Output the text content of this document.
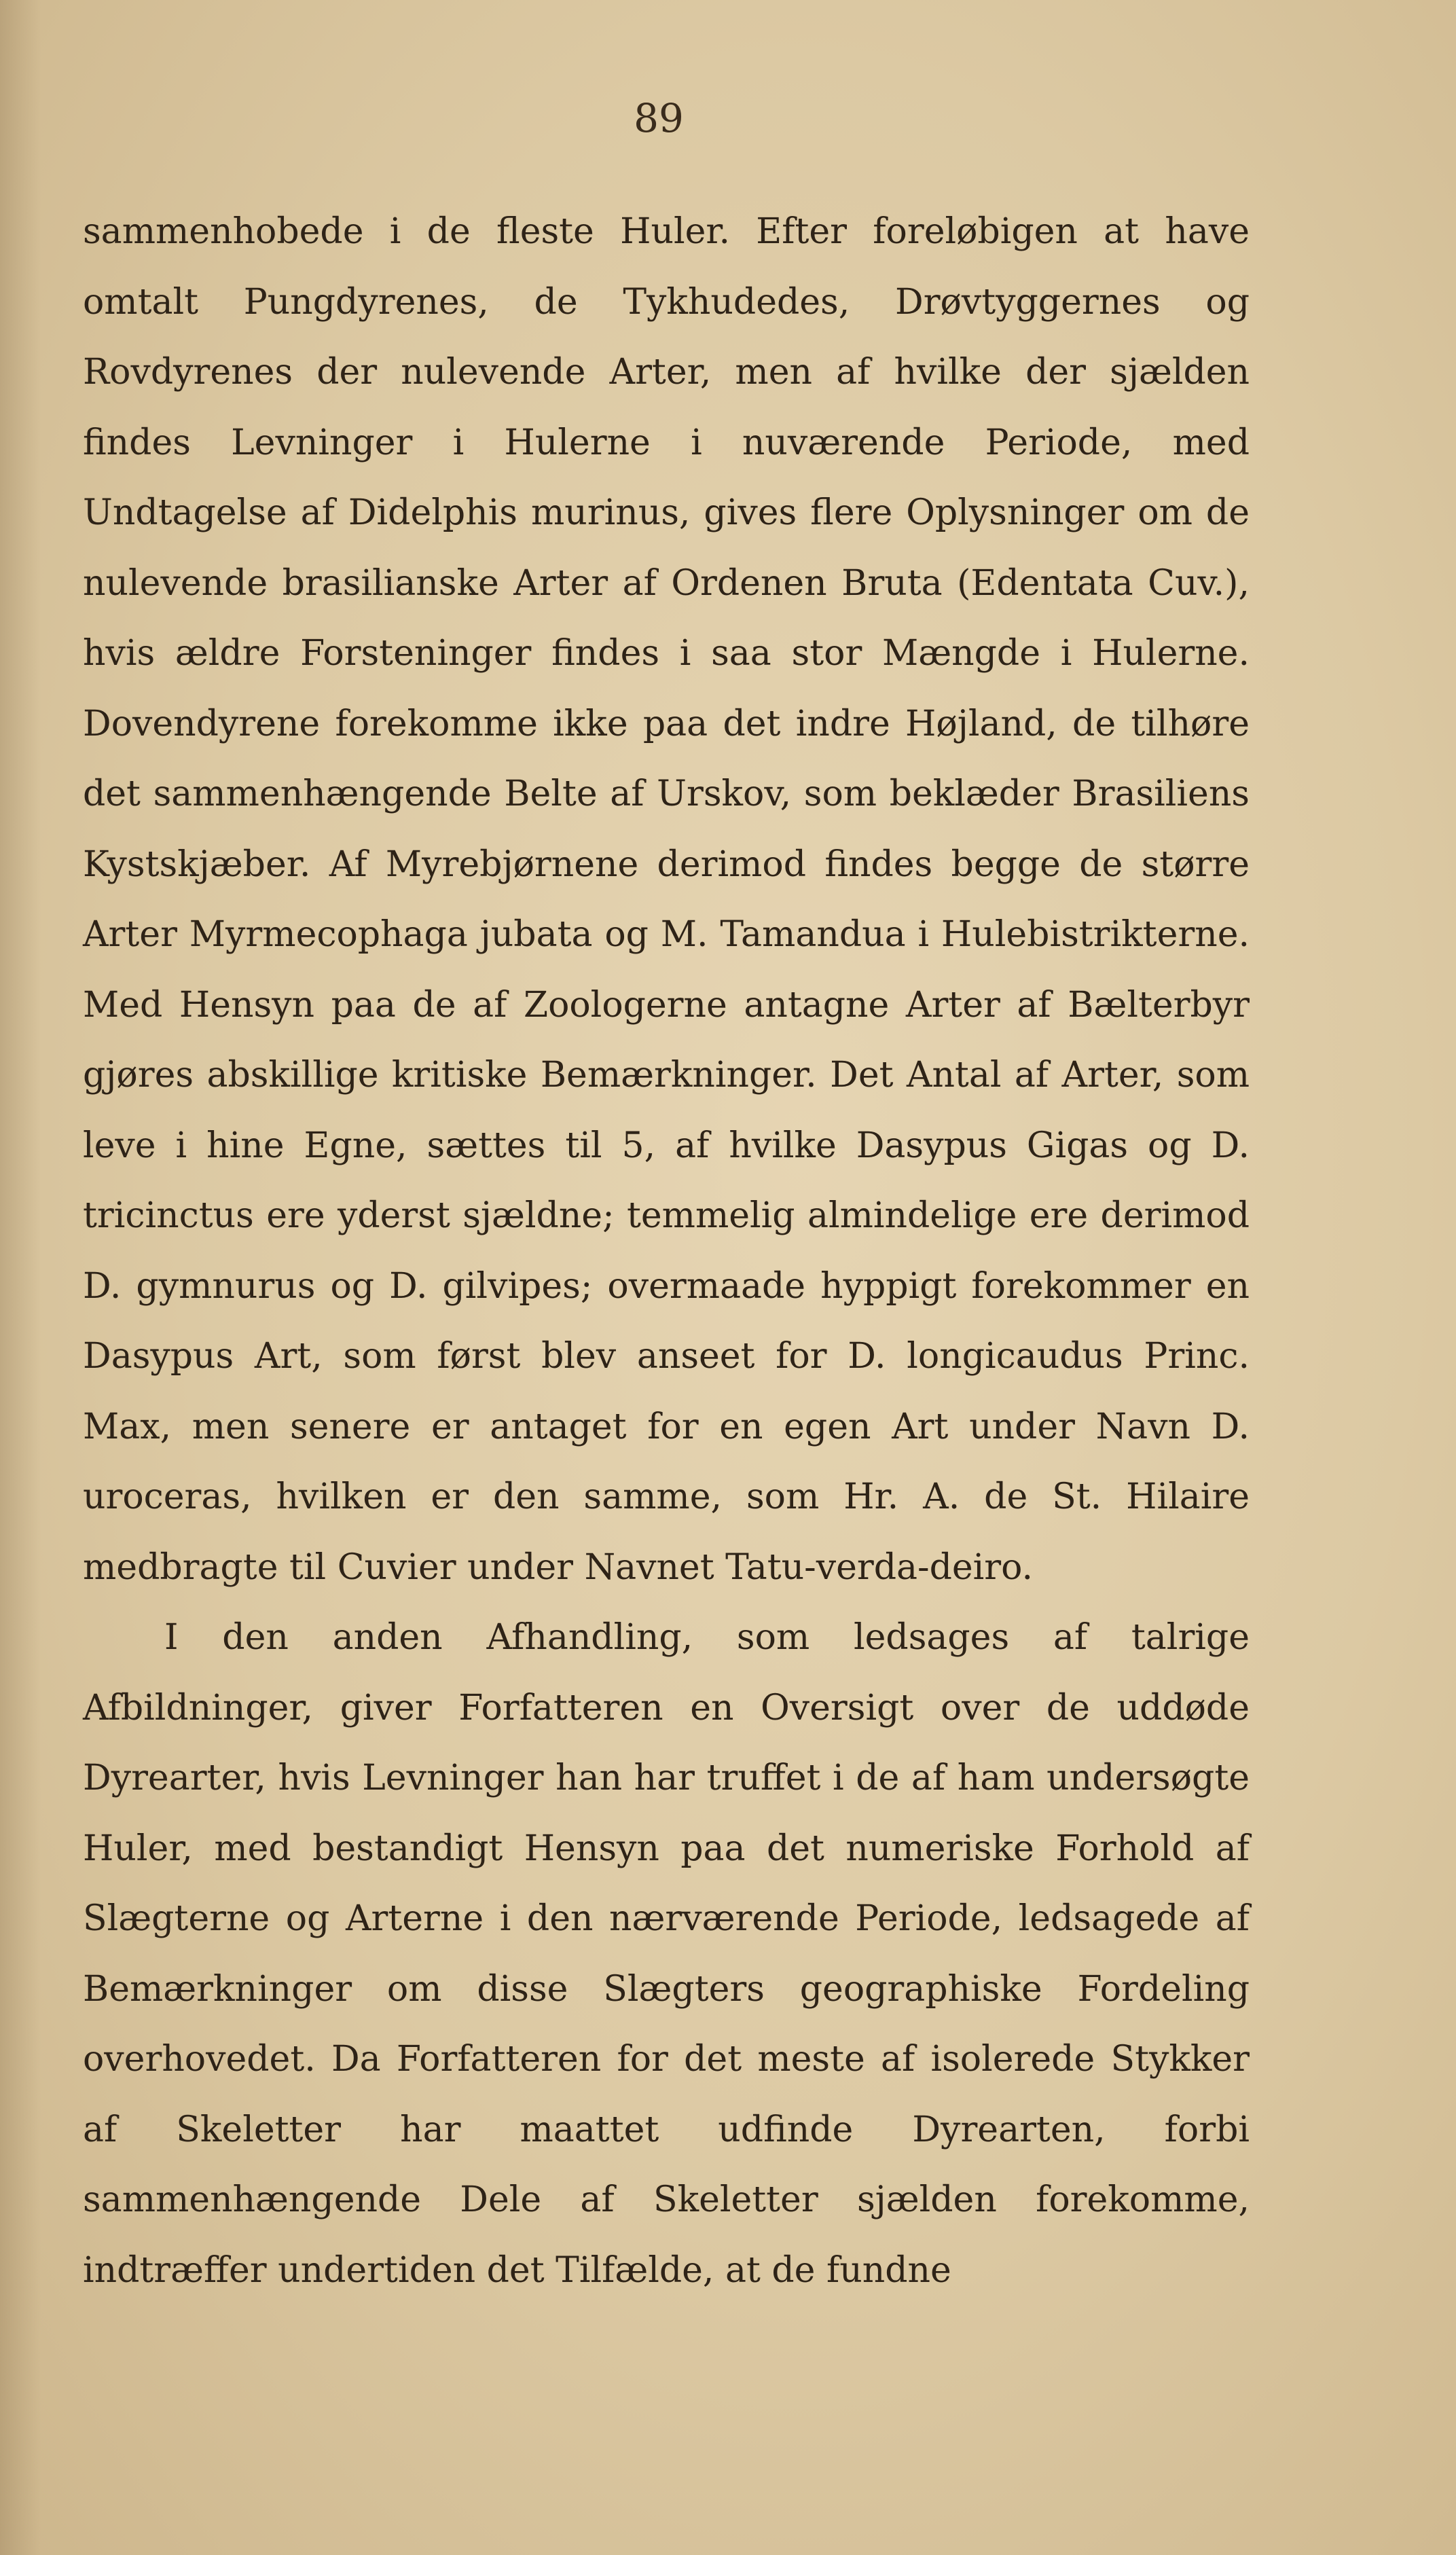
89

sammenhobede i de fleste Huler. Efter foreløbigen at have omtalt Pungdyrenes, de Tykhudedes, Drøvtyggernes og Rovdyrenes der nulevende Arter, men af hvilke der sjælden findes Levninger i Hulerne i nuværende Periode, med Undtagelse af Didelphis murinus, gives flere Oplysninger om de nulevende brasilianske Arter af Ordenen Bruta (Edentata Cuv.), hvis ældre Forsteninger findes i saa stor Mængde i Hulerne. Dovendyrene forekomme ikke paa det indre Højland, de tilhøre det sammenhængende Belte af Urskov, som bekl​æder Brasiliens Kystskjæber. Af Myrebjørnene derimod findes begge de større Arter Myrmecophaga jubata og M. Tamandua i Hulebistrikterne. Med Hensyn paa de af Zoologerne antagne Arter af Bælterbyr gjøres abskillige kritiske Bemærkninger. Det Antal af Arter, som leve i hine Egne, sættes til 5, af hvilke Dasypus Gigas og D. tricinctus ere yderst sjældne; temmelig almindelige ere derimod D. gymnurus og D. gilvipes; overmaade hyppigt forekommer en Dasypus Art, som først blev anseet for D. longicaudus Princ. Max, men senere er antaget for en egen Art under Navn D. uroceras, hvilken er den samme, som Hr. A. de St. Hilaire medbragte til Cuvier under Navnet Tatu-verda-deiro.

I den anden Afhandling, som ledsages af talrige Afbildninger, giver Forfatteren en Oversigt over de uddøde Dyrearter, hvis Levninger han har truffet i de af ham undersøgte Huler, med bestandigt Hensyn paa det numeriske Forhold af Slægterne og Arterne i den nærværende Periode, ledsagede af Bemærkninger om disse Slægters geographiske Fordeling overhovedet. Da Forfatteren for det meste af isolerede Stykker af Skeletter har maattet udfinde Dyrearten, forbi sammenhængende Dele af Skeletter sjælden forekomme, indtræffer undertiden det Tilfælde, at de fundne
